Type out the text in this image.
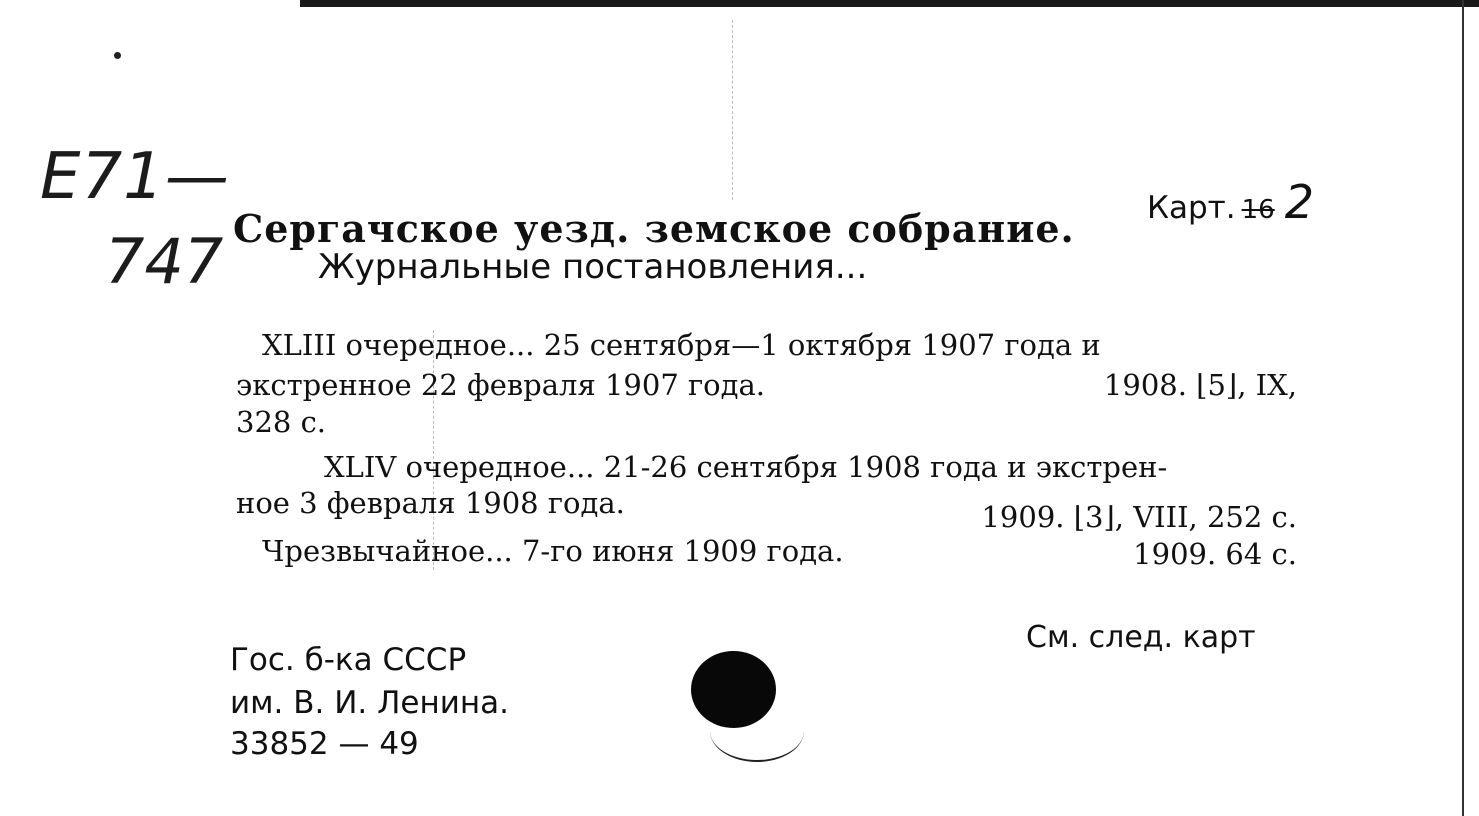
E71—
747
Карт. 16 2
Сергачское уезд. земское собрание.
Журнальные постановления...
XLIII очередное... 25 сентября—1 октября 1907 года и
экстренное 22 февраля 1907 года.	1908. ⌊5⌋, IX,
328 с.
XLIV очередное... 21-26 сентября 1908 года и экстрен-
ное 3 февраля 1908 года.	1909. ⌊3⌋, VIII, 252 с.
Чрезвычайное... 7-го июня 1909 года.	1909. 64 с.
См. след. карт
Гос. б-ка СССР
им. В. И. Ленина.
33852 — 49
